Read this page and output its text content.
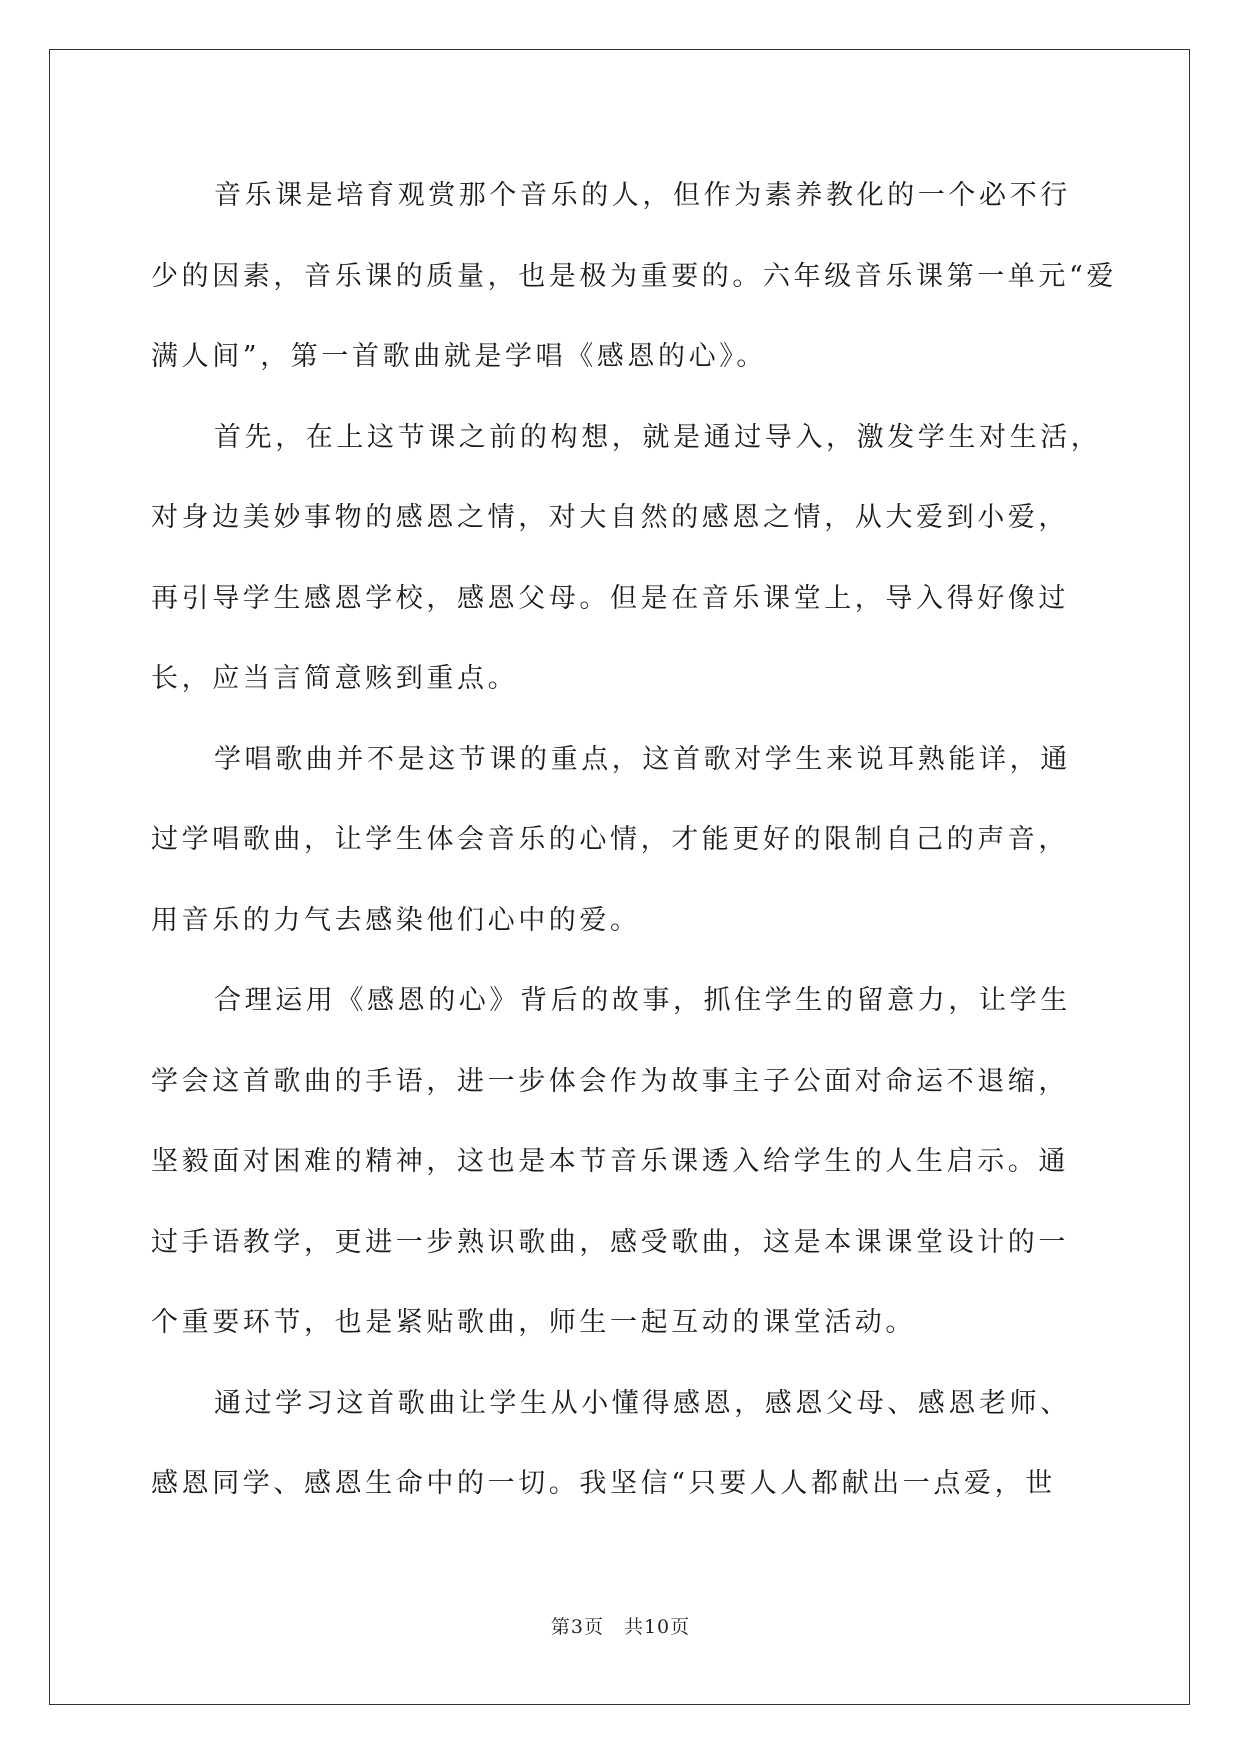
音乐课是培育观赏那个音乐的人，但作为素养教化的一个必不行
少的因素，音乐课的质量，也是极为重要的。六年级音乐课第一单元“爱
满人间”，第一首歌曲就是学唱《感恩的心》。
首先，在上这节课之前的构想，就是通过导入，激发学生对生活，
对身边美妙事物的感恩之情，对大自然的感恩之情，从大爱到小爱，
再引导学生感恩学校，感恩父母。但是在音乐课堂上，导入得好像过
长，应当言简意赅到重点。
学唱歌曲并不是这节课的重点，这首歌对学生来说耳熟能详，通
过学唱歌曲，让学生体会音乐的心情，才能更好的限制自己的声音，
用音乐的力气去感染他们心中的爱。
合理运用《感恩的心》背后的故事，抓住学生的留意力，让学生
学会这首歌曲的手语，进一步体会作为故事主子公面对命运不退缩，
坚毅面对困难的精神，这也是本节音乐课透入给学生的人生启示。通
过手语教学，更进一步熟识歌曲，感受歌曲，这是本课课堂设计的一
个重要环节，也是紧贴歌曲，师生一起互动的课堂活动。
通过学习这首歌曲让学生从小懂得感恩，感恩父母、感恩老师、
感恩同学、感恩生命中的一切。我坚信“只要人人都献出一点爱，世
第3页　共10页
